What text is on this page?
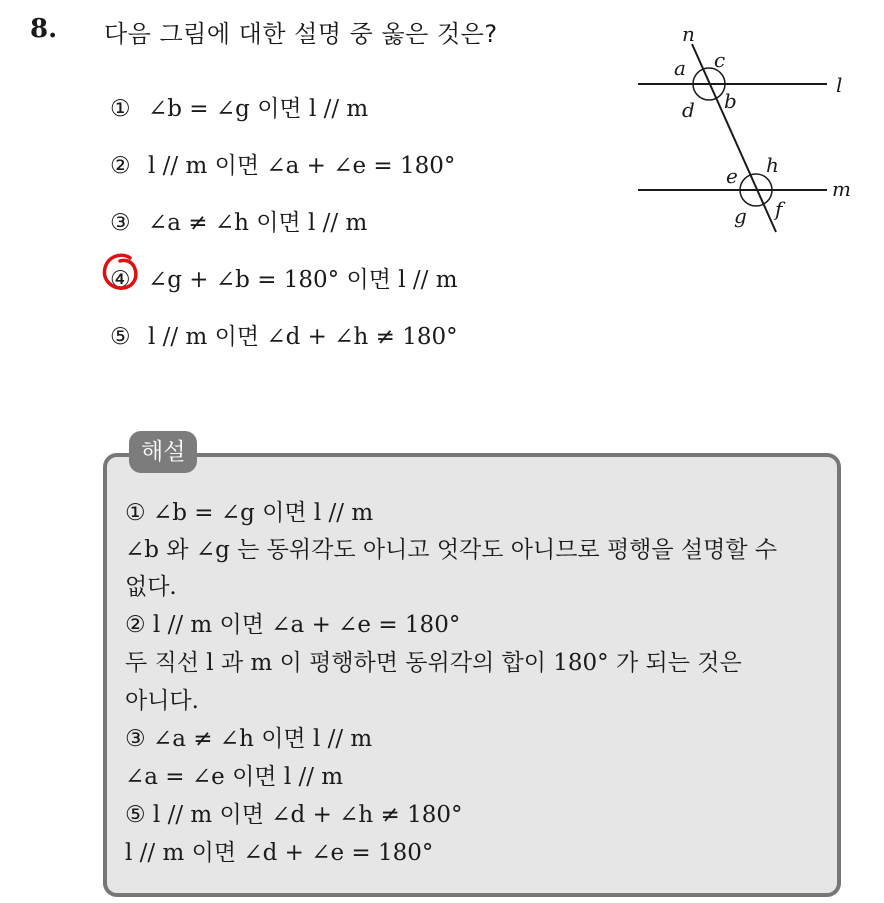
8. 다음 그림에 대한 설명 중 옳은 것은?
① ∠b = ∠g 이면 l // m
② l // m 이면 ∠a + ∠e = 180°
③ ∠a ≠ ∠h 이면 l // m
④ ∠g + ∠b = 180° 이면 l // m
⑤ l // m 이면 ∠d + ∠h ≠ 180°
n
l
m
a c
d b
e h
g f
해설
① ∠b = ∠g 이면 l // m
∠b 와 ∠g 는 동위각도 아니고 엇각도 아니므로 평행을 설명할 수
없다.
② l // m 이면 ∠a + ∠e = 180°
두 직선 l 과 m 이 평행하면 동위각의 합이 180° 가 되는 것은
아니다.
③ ∠a ≠ ∠h 이면 l // m
∠a = ∠e 이면 l // m
⑤ l // m 이면 ∠d + ∠h ≠ 180°
l // m 이면 ∠d + ∠e = 180°
